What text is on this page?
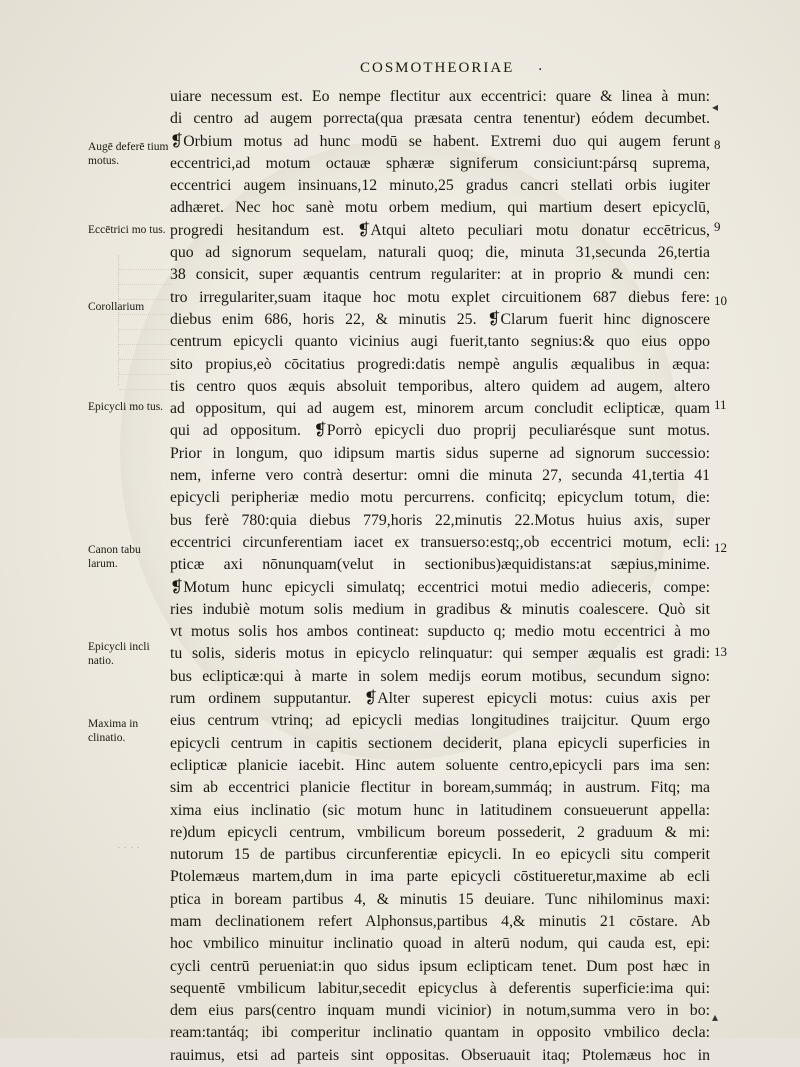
COSMOTHEORIAE ·
uiare necessum est. Eo nempe flectitur aux eccentrici: quare & linea à mun:
di centro ad augem porrecta(qua præsata centra tenentur) eódem decumbet.
❡Orbium motus ad hunc modū se habent. Extremi duo qui augem ferunt
eccentrici,ad motum octauæ sphæræ signiferum consiciunt:pársq suprema,
eccentrici augem insinuans,12 minuto,25 gradus cancri stellati orbis iugiter
adhæret. Nec hoc sanè motu orbem medium, qui martium desert epicyclū,
progredi hesitandum est. ❡Atqui alteto peculiari motu donatur eccētricus,
quo ad signorum sequelam, naturali quoq; die, minuta 31,secunda 26,tertia
38 consicit, super æquantis centrum regulariter: at in proprio & mundi cen:
tro irregulariter,suam itaque hoc motu explet circuitionem 687 diebus fere:
diebus enim 686, horis 22, & minutis 25. ❡Clarum fuerit hinc dignoscere
centrum epicycli quanto vicinius augi fuerit,tanto segnius:& quo eius oppo
sito propius,eò cōcitatius progredi:datis nempè angulis æqualibus in æqua:
tis centro quos æquis absoluit temporibus, altero quidem ad augem, altero
ad oppositum, qui ad augem est, minorem arcum concludit eclipticæ, quam
qui ad oppositum. ❡Porrò epicycli duo proprij peculiarésque sunt motus.
Prior in longum, quo idipsum martis sidus superne ad signorum successio:
nem, inferne vero contrà desertur: omni die minuta 27, secunda 41,tertia 41
epicycli peripheriæ medio motu percurrens. conficitq; epicyclum totum, die:
bus ferè 780:quia diebus 779,horis 22,minutis 22.Motus huius axis, super
eccentrici circunferentiam iacet ex transuerso:estq;,ob eccentrici motum, ecli:
pticæ axi nōnunquam(velut in sectionibus)æquidistans:at sæpius,minime.
❡Motum hunc epicycli simulatq; eccentrici motui medio adieceris, compe:
ries indubiè motum solis medium in gradibus & minutis coalescere. Quò sit
vt motus solis hos ambos contineat: supducto q; medio motu eccentrici à mo
tu solis, sideris motus in epicyclo relinquatur: qui semper æqualis est gradi:
bus eclipticæ:qui à marte in solem medijs eorum motibus, secundum signo:
rum ordinem supputantur. ❡Alter superest epicycli motus: cuius axis per
eius centrum vtrinq; ad epicycli medias longitudines traijcitur. Quum ergo
epicycli centrum in capitis sectionem deciderit, plana epicycli superficies in
eclipticæ planicie iacebit. Hinc autem soluente centro,epicycli pars ima sen:
sim ab eccentrici planicie flectitur in boream,summáq; in austrum. Fitq; ma
xima eius inclinatio (sic motum hunc in latitudinem consueuerunt appella:
re)dum epicycli centrum, vmbilicum boreum possederit, 2 graduum & mi:
nutorum 15 de partibus circunferentiæ epicycli. In eo epicycli situ comperit
Ptolemæus martem,dum in ima parte epicycli cōstitueretur,maxime ab ecli
ptica in boream partibus 4, & minutis 15 deuiare. Tunc nihilominus maxi:
mam declinationem refert Alphonsus,partibus 4,& minutis 21 cōstare. Ab
hoc vmbilico minuitur inclinatio quoad in alterū nodum, qui cauda est, epi:
cycli centrū perueniat:in quo sidus ipsum eclipticam tenet. Dum post hæc in
sequentē vmbilicum labitur,secedit epicyclus à deferentis superficie:ima qui:
dem eius pars(centro inquam mundi vicinior) in notum,summa vero in bo:
ream:tantáq; ibi comperitur inclinatio quantam in opposito vmbilico decla:
rauimus, etsi ad parteis sint oppositas. Obseruauit itaq; Ptolemæus hoc in
Augē deferē tium motus.
Eccētrici mo tus.
Corollarium
Epicycli mo tus.
Canon tabu larum.
Epicycli incli natio.
Maxima in clinatio.
8
9
10
11
12
13
◂
▴
· · · ·
